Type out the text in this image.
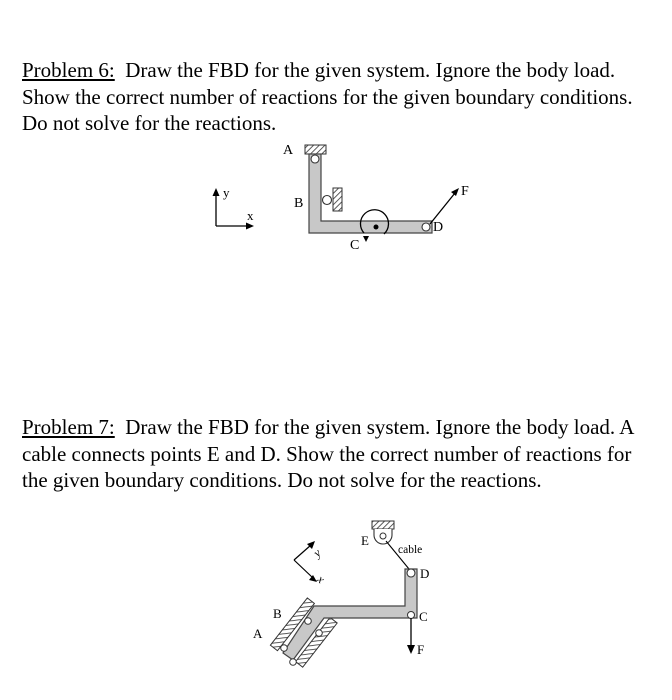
y
x
A
B
C
D
F
y
x
E
cable
B
A
D
C
F
Problem 6: Draw the FBD for the given system. Ignore the body load. Show the correct number of reactions for the given boundary conditions. Do not solve for the reactions.
Problem 7: Draw the FBD for the given system. Ignore the body load. A cable connects points E and D. Show the correct number of reactions for the given boundary conditions. Do not solve for the reactions.
